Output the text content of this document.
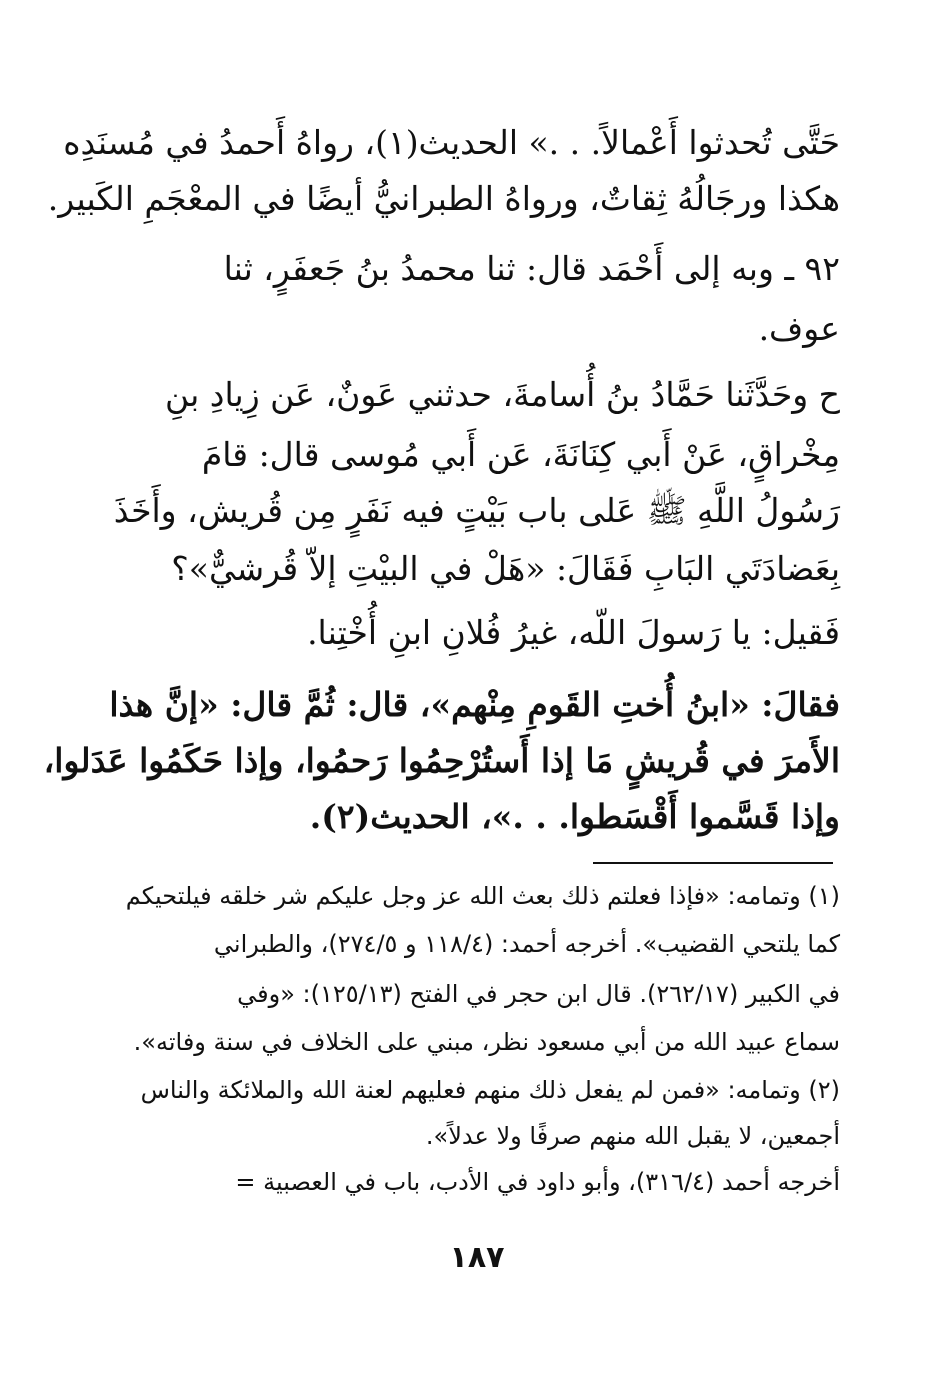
حَتَّى تُحدثوا أَعْمالاً. . .» الحديث(١)، رواهُ أَحمدُ في مُسنَدِه
هكذا ورجَالُهُ ثِقاتٌ، ورواهُ الطبرانيُّ أيضًا في المعْجَمِ الكَبير.
٩٢ ـ وبه إلى أَحْمَد قال: ثنا محمدُ بنُ جَعفَرٍ، ثنا
عوف.
ح وحَدَّثَنا حَمَّادُ بنُ أُسامةَ، حدثني عَونٌ، عَن زِيادِ بنِ
مِخْراقٍ، عَنْ أَبي كِنَانَةَ، عَن أَبي مُوسى قال: قامَ
رَسُولُ اللَّهِ ﷺ عَلى باب بَيْتٍ فيه نَفَرٍ مِن قُريش، وأَخَذَ
بِعَضادَتَي البَابِ فَقَالَ: «هَلْ في البيْتِ إلاّ قُرشيٌّ»؟
فَقيل: يا رَسولَ اللّه، غيرُ فُلانِ ابنِ أُخْتِنا.
فقالَ: «ابنُ أُختِ القَومِ مِنْهم»، قال: ثُمَّ قال: «إنَّ هذا
الأَمرَ في قُريشٍ مَا إذا أَستُرْحِمُوا رَحمُوا، وإذا حَكَمُوا عَدَلوا،
وإذا قَسَّموا أَقْسَطوا. . .»، الحديث(٢).
(١) وتمامه: «فإذا فعلتم ذلك بعث الله عز وجل عليكم شر خلقه فيلتحيكم
كما يلتحي القضيب». أخرجه أحمد: (١١٨/٤ و ٢٧٤/٥)، والطبراني
في الكبير (٢٦٢/١٧). قال ابن حجر في الفتح (١٢٥/١٣): «وفي
سماع عبيد الله من أبي مسعود نظر، مبني على الخلاف في سنة وفاته».
(٢) وتمامه: «فمن لم يفعل ذلك منهم فعليهم لعنة الله والملائكة والناس
أجمعين، لا يقبل الله منهم صرفًا ولا عدلاً».
أخرجه أحمد (٣١٦/٤)، وأبو داود في الأدب، باب في العصبية =
١٨٧
